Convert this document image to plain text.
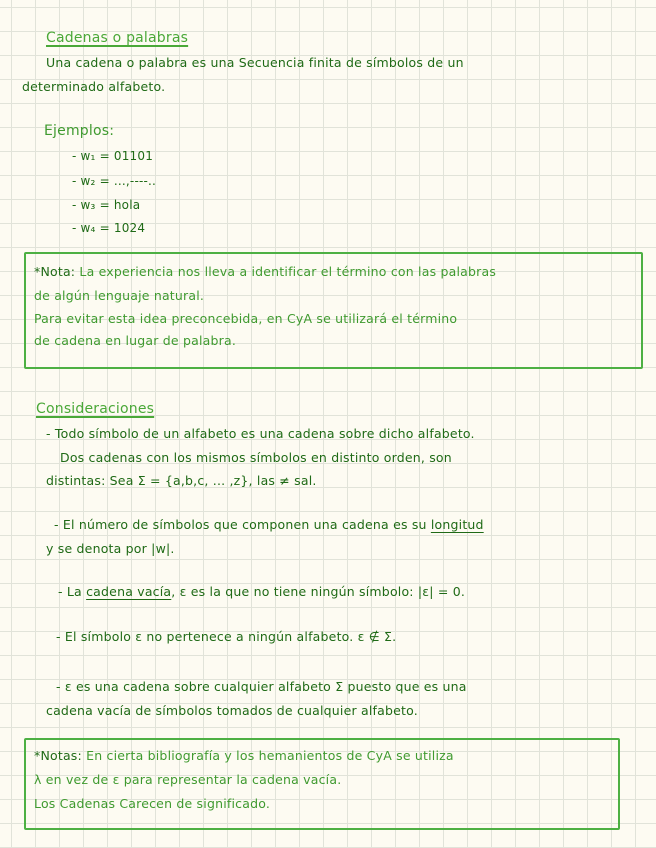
Cadenas o palabras
Una cadena o palabra es una Secuencia finita de símbolos de un
determinado alfabeto.
Ejemplos:
- w₁ = 01101
- w₂ = ...,----..
- w₃ = hola
- w₄ = 1024
*Nota: La experiencia nos lleva a identificar el término con las palabras
de algún lenguaje natural.
Para evitar esta idea preconcebida, en CyA se utilizará el término
de cadena en lugar de palabra.
Consideraciones
- Todo símbolo de un alfabeto es una cadena sobre dicho alfabeto.
Dos cadenas con los mismos símbolos en distinto orden, son
distintas: Sea Σ = {a,b,c, ... ,z}, las ≠ sal.
- El número de símbolos que componen una cadena es su longitud
y se denota por |w|.
- La cadena vacía, ε es la que no tiene ningún símbolo: |ε| = 0.
- El símbolo ε no pertenece a ningún alfabeto. ε ∉ Σ.
- ε es una cadena sobre cualquier alfabeto Σ puesto que es una
cadena vacía de símbolos tomados de cualquier alfabeto.
*Notas: En cierta bibliografía y los hemanientos de CyA se utiliza
λ en vez de ε para representar la cadena vacía.
Los Cadenas Carecen de significado.
